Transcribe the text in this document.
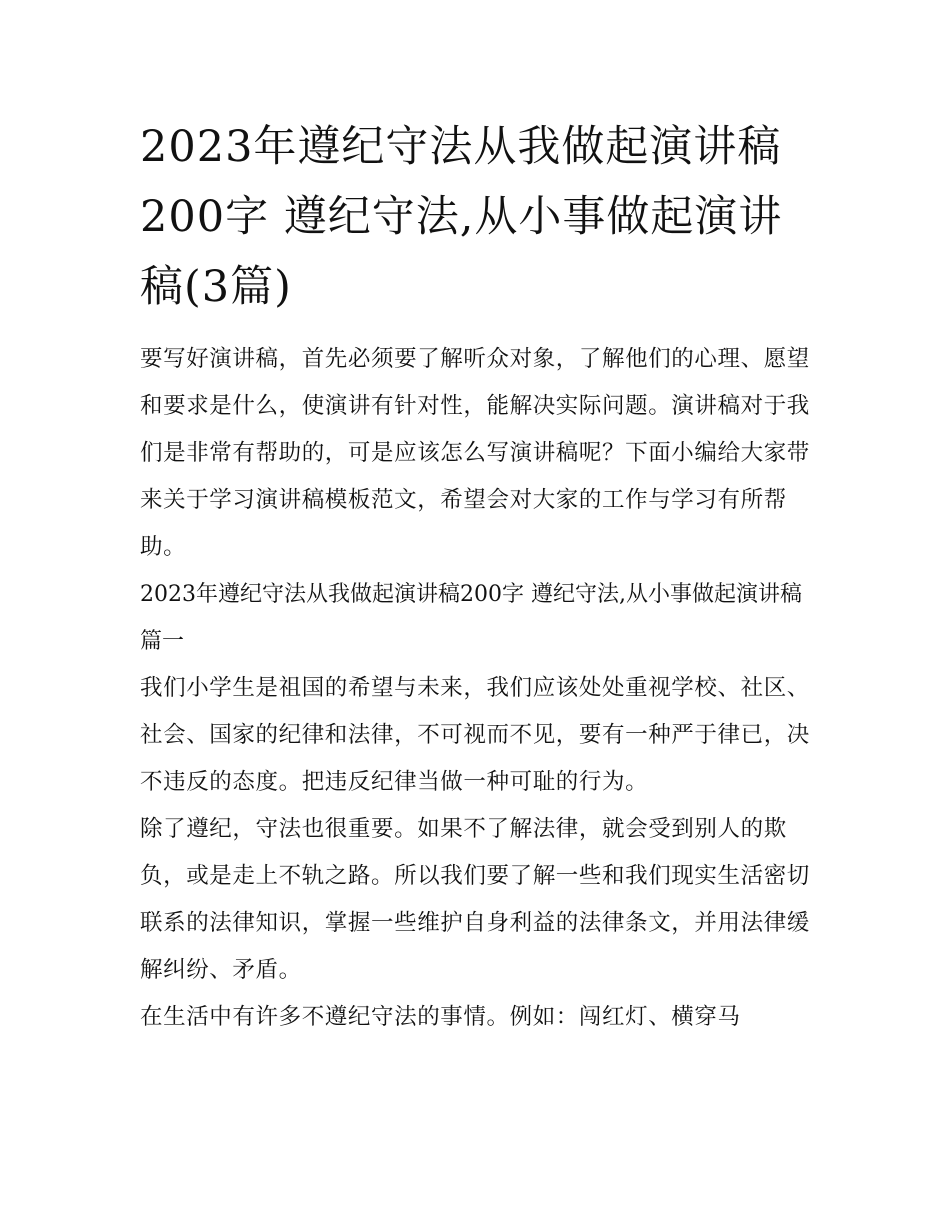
2023年遵纪守法从我做起演讲稿200字 遵纪守法,从小事做起演讲稿(3篇)

要写好演讲稿，首先必须要了解听众对象，了解他们的心理、愿望和要求是什么，使演讲有针对性，能解决实际问题。演讲稿对于我们是非常有帮助的，可是应该怎么写演讲稿呢？下面小编给大家带来关于学习演讲稿模板范文，希望会对大家的工作与学习有所帮助。

2023年遵纪守法从我做起演讲稿200字 遵纪守法,从小事做起演讲稿篇一

我们小学生是祖国的希望与未来，我们应该处处重视学校、社区、社会、国家的纪律和法律，不可视而不见，要有一种严于律已，决不违反的态度。把违反纪律当做一种可耻的行为。

除了遵纪，守法也很重要。如果不了解法律，就会受到别人的欺负，或是走上不轨之路。所以我们要了解一些和我们现实生活密切联系的法律知识，掌握一些维护自身利益的法律条文，并用法律缓解纠纷、矛盾。

在生活中有许多不遵纪守法的事情。例如：闯红灯、横穿马
